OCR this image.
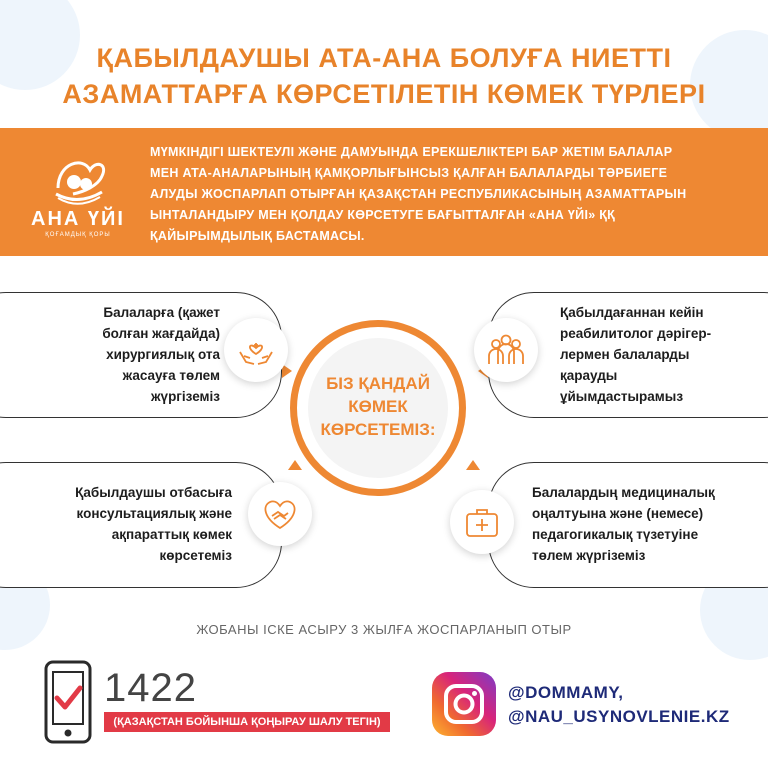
ҚАБЫЛДАУШЫ АТА-АНА БОЛУҒА НИЕТТІ
АЗАМАТТАРҒА КӨРСЕТІЛЕТІН КӨМЕК ТҮРЛЕРІ
АНА ҮЙІ
ҚОҒАМДЫҚ ҚОРЫ
МҮМКІНДІГІ ШЕКТЕУЛІ ЖӘНЕ ДАМУЫНДА ЕРЕКШЕЛІКТЕРІ БАР ЖЕТІМ БАЛАЛАР
МЕН АТА-АНАЛАРЫНЫҢ ҚАМҚОРЛЫҒЫНСЫЗ ҚАЛҒАН БАЛАЛАРДЫ ТӘРБИЕГЕ
АЛУДЫ ЖОСПАРЛАП ОТЫРҒАН ҚАЗАҚСТАН РЕСПУБЛИКАСЫНЫҢ АЗАМАТТАРЫН
ЫНТАЛАНДЫРУ МЕН ҚОЛДАУ КӨРСЕТУГЕ БАҒЫТТАЛҒАН «АНА ҮЙІ» ҚҚ
ҚАЙЫРЫМДЫЛЫҚ БАСТАМАСЫ.
Балаларға (қажет
болған жағдайда)
хирургиялық ота
жасауға төлем
жүргіземіз
Қабылдағаннан кейін
реабилитолог дәрігер-
лермен балаларды
қарауды
ұйымдастырамыз
Қабылдаушы отбасыға
консультациялық және
ақпараттық көмек
көрсетеміз
Балалардың медициналық
оңалтуына және (немесе)
педагогикалық түзетуіне
төлем жүргіземіз
БІЗ ҚАНДАЙ
КӨМЕК
КӨРСЕТЕМІЗ:
ЖОБАНЫ ІСКЕ АСЫРУ 3 ЖЫЛҒА ЖОСПАРЛАНЫП ОТЫР
1422
(ҚАЗАҚСТАН БОЙЫНША ҚОҢЫРАУ ШАЛУ ТЕГІН)
@DOMMAMY,
@NAU_USYNOVLENIE.KZ
